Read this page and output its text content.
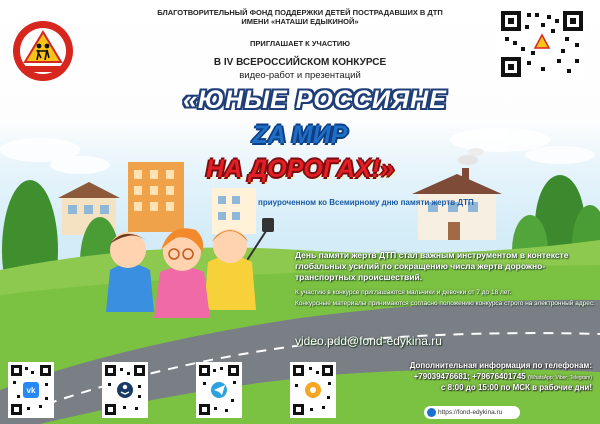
БЛАГОТВОРИТЕЛЬНЫЙ ФОНД ПОДДЕРЖКИ ДЕТЕЙ ПОСТРАДАВШИХ В ДТП ИМЕНИ «НАТАШИ ЕДЫКИНОЙ»
ПРИГЛАШАЕТ К УЧАСТИЮ
В IV ВСЕРОССИЙСКОМ КОНКУРСЕ
видео-работ и презентаций
«ЮНЫЕ РОССИЯНЕ
ZA МИР
НА ДОРОГАХ!»
приуроченном ко Всемирному дню памяти жертв ДТП

День памяти жертв ДТП стал важным инструментом в контексте глобальных усилий по сокращению числа жертв дорожно-транспортных происшествий.

К участию в конкурсе приглашаются мальчики и девочки от 7 до 18 лет.

Конкурсные материалы принимаются согласно положению конкурса строго на электронный адрес:

video.pdd@fond-edykina.ru
Дополнительная информация по телефонам:
+79039476681; +79676401745 (WhatsApp; Viber; Telegram)
с 8:00 до 15:00 по МСК в рабочие дни!
https://fond-edykina.ru
vk
